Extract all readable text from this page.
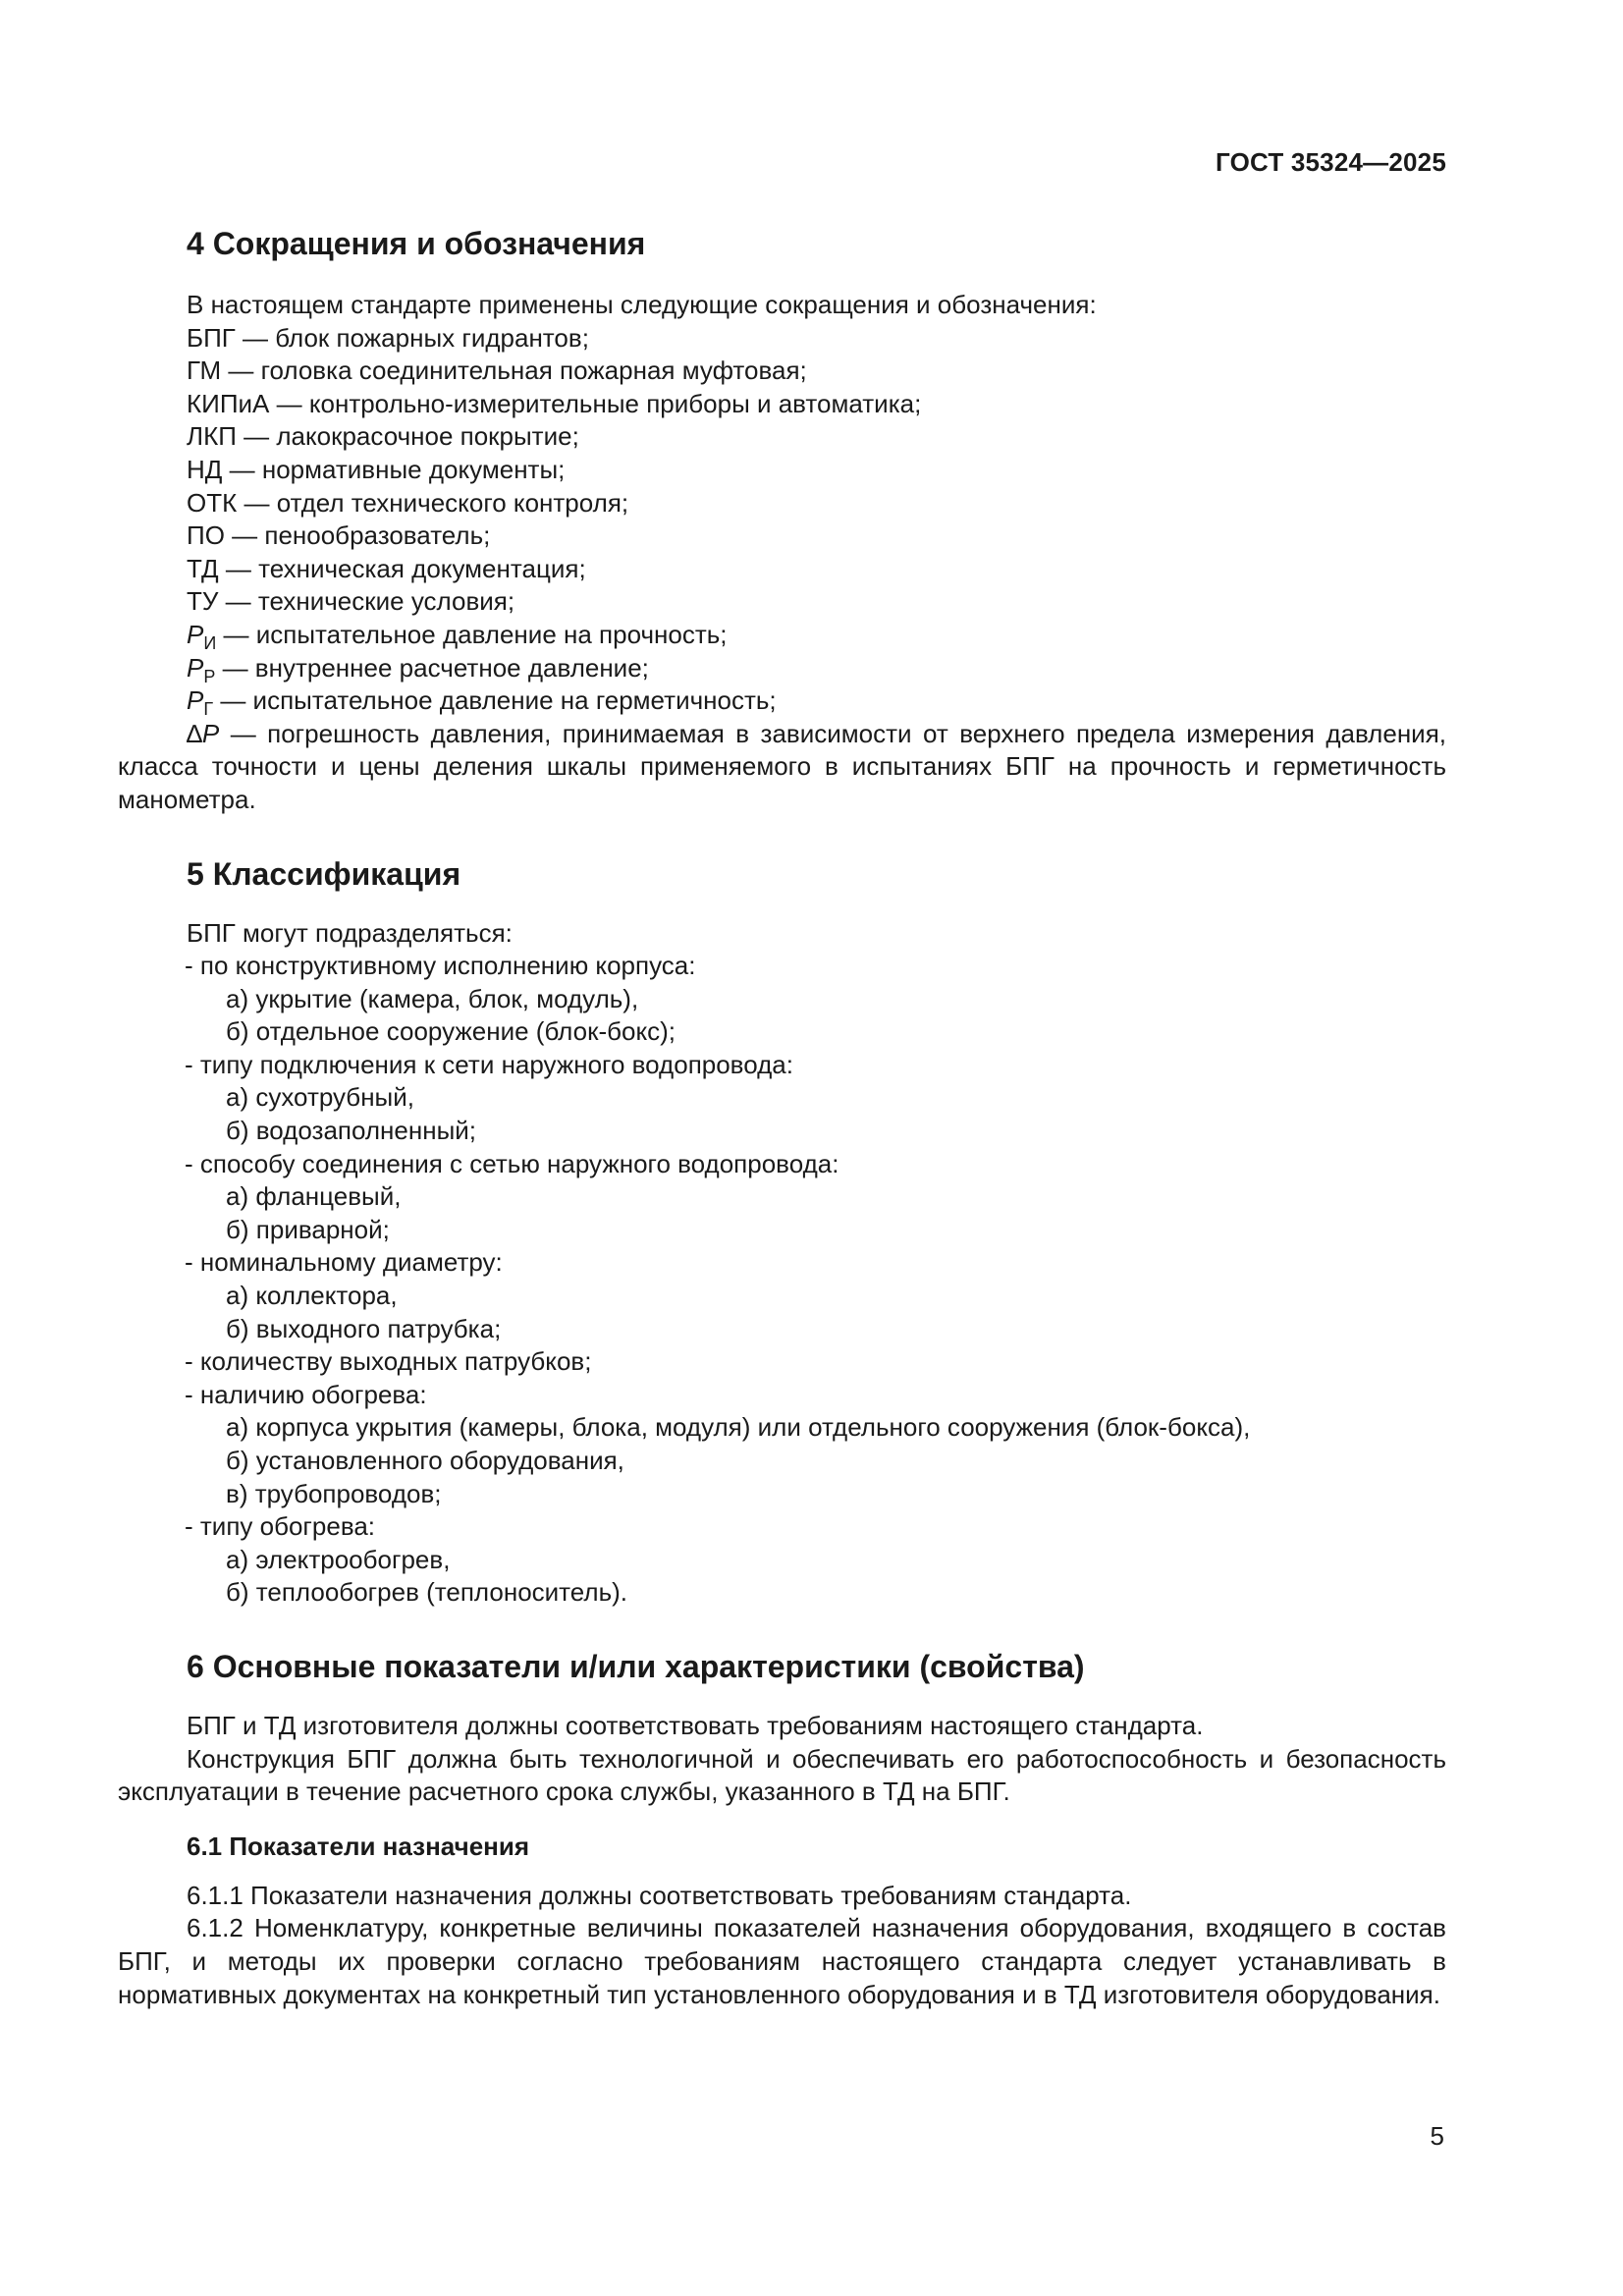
ГОСТ 35324—2025
4 Сокращения и обозначения

В настоящем стандарте применены следующие сокращения и обозначения:

БПГ — блок пожарных гидрантов;
ГМ — головка соединительная пожарная муфтовая;
КИПиА — контрольно-измерительные приборы и автоматика;
ЛКП — лакокрасочное покрытие;
НД — нормативные документы;
ОТК — отдел технического контроля;
ПО — пенообразователь;
ТД — техническая документация;
ТУ — технические условия;

$P_И$ — испытательное давление на прочность;

$P_Р$ — внутреннее расчетное давление;

$P_Г$ — испытательное давление на герметичность;

∆P — погрешность давления, принимаемая в зависимости от верхнего предела измерения давления, класса точности и цены деления шкалы применяемого в испытаниях БПГ на прочность и герметичность манометра.

5 Классификация

БПГ могут подразделяться:

- по конструктивному исполнению корпуса:

а) укрытие (камера, блок, модуль),

б) отдельное сооружение (блок-бокс);

- типу подключения к сети наружного водопровода:

а) сухотрубный,

б) водозаполненный;

- способу соединения с сетью наружного водопровода:

а) фланцевый,

б) приварной;

- номинальному диаметру:

а) коллектора,

б) выходного патрубка;

- количеству выходных патрубков;

- наличию обогрева:

а) корпуса укрытия (камеры, блока, модуля) или отдельного сооружения (блок-бокса),

б) установленного оборудования,

в) трубопроводов;

- типу обогрева:

а) электрообогрев,

б) теплообогрев (теплоноситель).

6 Основные показатели и/или характеристики (свойства)

БПГ и ТД изготовителя должны соответствовать требованиям настоящего стандарта.

Конструкция БПГ должна быть технологичной и обеспечивать его работоспособность и безопасность эксплуатации в течение расчетного срока службы, указанного в ТД на БПГ.

6.1 Показатели назначения

6.1.1 Показатели назначения должны соответствовать требованиям стандарта.

6.1.2 Номенклатуру, конкретные величины показателей назначения оборудования, входящего в состав БПГ, и методы их проверки согласно требованиям настоящего стандарта следует устанавливать в нормативных документах на конкретный тип установленного оборудования и в ТД изготовителя оборудования.

5
